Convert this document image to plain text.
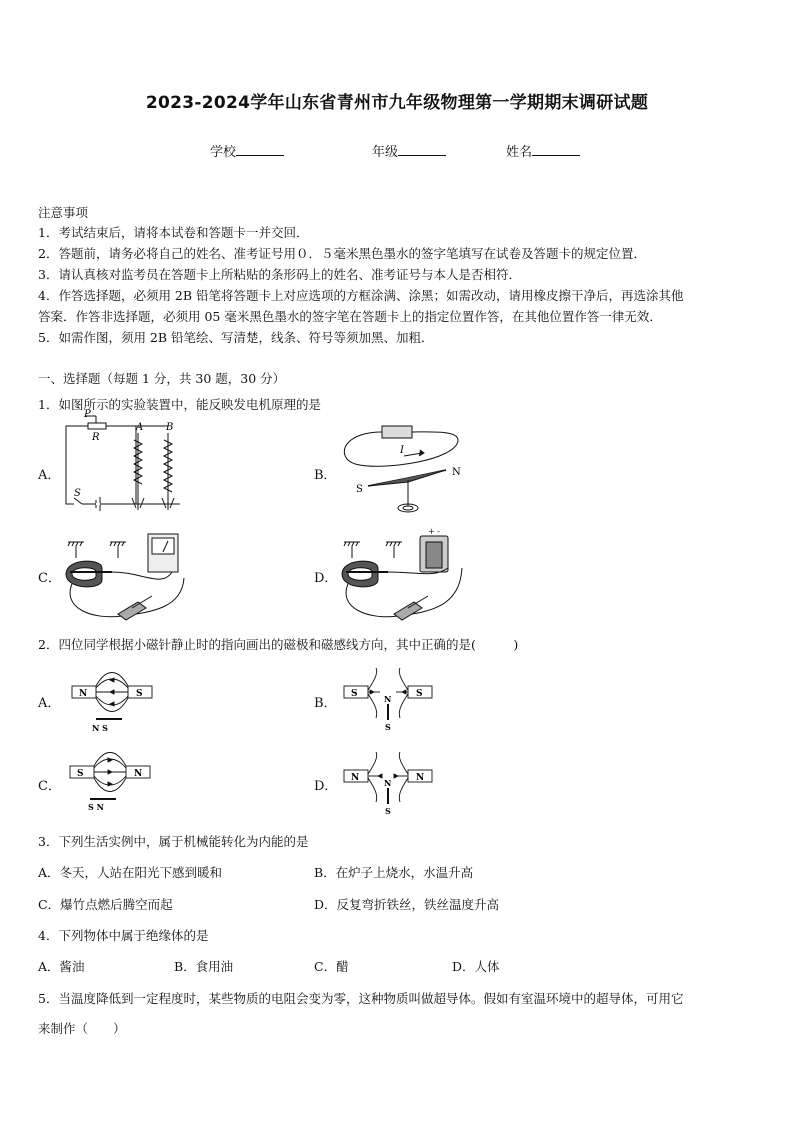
2023-2024学年山东省青州市九年级物理第一学期期末调研试题
学校	年级	姓名
注意事项
1．考试结束后，请将本试卷和答题卡一并交回．
2．答题前，请务必将自己的姓名、准考证号用０．５毫米黑色墨水的签字笔填写在试卷及答题卡的规定位置．
3．请认真核对监考员在答题卡上所粘贴的条形码上的姓名、准考证号与本人是否相符．
4．作答选择题，必须用 2B 铅笔将答题卡上对应选项的方框涂满、涂黑；如需改动，请用橡皮擦干净后，再选涂其他
答案．作答非选择题，必须用 05 毫米黑色墨水的签字笔在答题卡上的指定位置作答，在其他位置作答一律无效．
5．如需作图，须用 2B 铅笔绘、写清楚，线条、符号等须加黑、加粗．
一、选择题（每题 1 分，共 30 题，30 分）
1．如图所示的实验装置中，能反映发电机原理的是
A．	B．
C．	D．
P
R
S
A B
I
N
S
+ -
2．四位同学根据小磁针静止时的指向画出的磁极和磁感线方向，其中正确的是(　　　)
A．	B．
C．	D．
N	S
N S
S	S
N
S
S	N
S N
N	N
N
S
3．下列生活实例中，属于机械能转化为内能的是
A．冬天，人站在阳光下感到暖和	B．在炉子上烧水，水温升高
C．爆竹点燃后腾空而起	D．反复弯折铁丝，铁丝温度升高
4．下列物体中属于绝缘体的是
A．酱油	B．食用油	C．醋	D．人体
5．当温度降低到一定程度时，某些物质的电阻会变为零，这种物质叫做超导体。假如有室温环境中的超导体，可用它
来制作（　　）
